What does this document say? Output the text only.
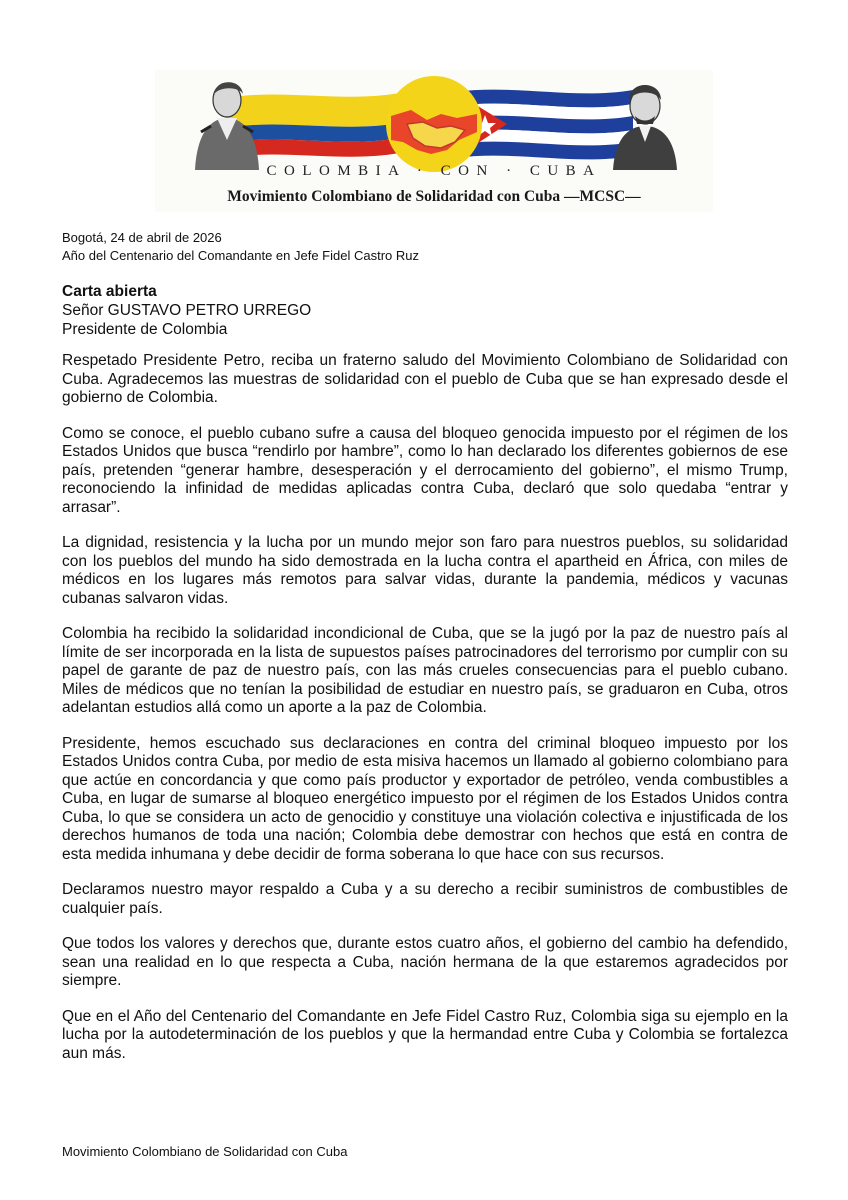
COLOMBIA · CON · CUBA
Movimiento Colombiano de Solidaridad con Cuba —MCSC—
Bogotá, 24 de abril de 2026
Año del Centenario del Comandante en Jefe Fidel Castro Ruz
Carta abierta
Señor GUSTAVO PETRO URREGO
Presidente de Colombia

Respetado Presidente Petro, reciba un fraterno saludo del Movimiento Colombiano de Solidaridad con Cuba. Agradecemos las muestras de solidaridad con el pueblo de Cuba que se han expresado desde el gobierno de Colombia.

Como se conoce, el pueblo cubano sufre a causa del bloqueo genocida impuesto por el régimen de los Estados Unidos que busca “rendirlo por hambre”, como lo han declarado los diferentes gobiernos de ese país, pretenden “generar hambre, desesperación y el derrocamiento del gobierno”, el mismo Trump, reconociendo la infinidad de medidas aplicadas contra Cuba, declaró que solo quedaba “entrar y arrasar”.

La dignidad, resistencia y la lucha por un mundo mejor son faro para nuestros pueblos, su solidaridad con los pueblos del mundo ha sido demostrada en la lucha contra el apartheid en África, con miles de médicos en los lugares más remotos para salvar vidas, durante la pandemia, médicos y vacunas cubanas salvaron vidas.

Colombia ha recibido la solidaridad incondicional de Cuba, que se la jugó por la paz de nuestro país al límite de ser incorporada en la lista de supuestos países patrocinadores del terrorismo por cumplir con su papel de garante de paz de nuestro país, con las más crueles consecuencias para el pueblo cubano. Miles de médicos que no tenían la posibilidad de estudiar en nuestro país, se graduaron en Cuba, otros adelantan estudios allá como un aporte a la paz de Colombia.

Presidente, hemos escuchado sus declaraciones en contra del criminal bloqueo impuesto por los Estados Unidos contra Cuba, por medio de esta misiva hacemos un llamado al gobierno colombiano para que actúe en concordancia y que como país productor y exportador de petróleo, venda combustibles a Cuba, en lugar de sumarse al bloqueo energético impuesto por el régimen de los Estados Unidos contra Cuba, lo que se considera un acto de genocidio y constituye una violación colectiva e injustificada de los derechos humanos de toda una nación; Colombia debe demostrar con hechos que está en contra de esta medida inhumana y debe decidir de forma soberana lo que hace con sus recursos.

Declaramos nuestro mayor respaldo a Cuba y a su derecho a recibir suministros de combustibles de cualquier país.

Que todos los valores y derechos que, durante estos cuatro años, el gobierno del cambio ha defendido, sean una realidad en lo que respecta a Cuba, nación hermana de la que estaremos agradecidos por siempre.

Que en el Año del Centenario del Comandante en Jefe Fidel Castro Ruz, Colombia siga su ejemplo en la lucha por la autodeterminación de los pueblos y que la hermandad entre Cuba y Colombia se fortalezca aun más.

Movimiento Colombiano de Solidaridad con Cuba
